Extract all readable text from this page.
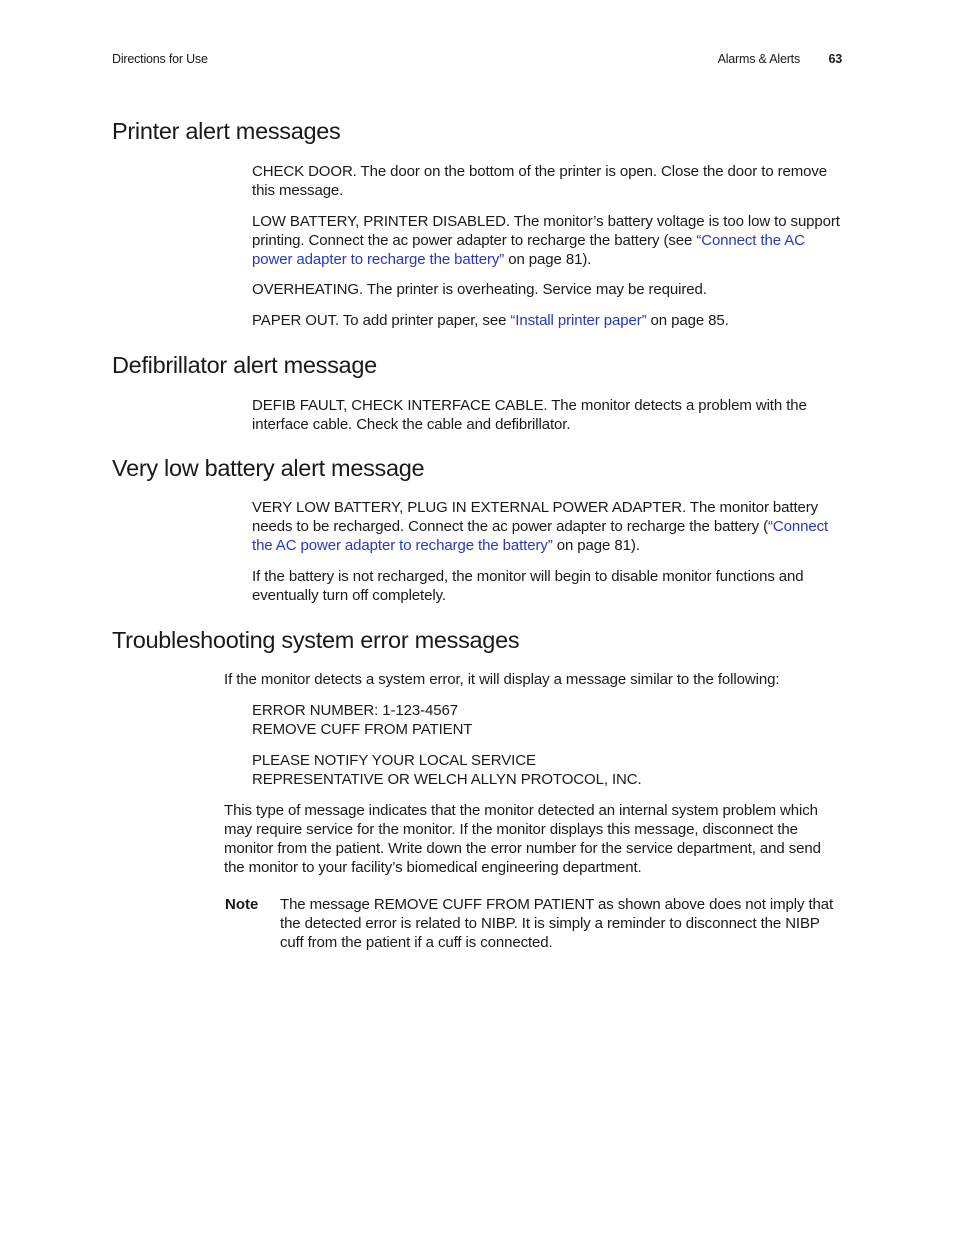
Directions for Use	Alarms & Alerts 63
Printer alert messages

CHECK DOOR. The door on the bottom of the printer is open. Close the door to remove this message.

LOW BATTERY, PRINTER DISABLED. The monitor’s battery voltage is too low to support printing. Connect the ac power adapter to recharge the battery (see “Connect the AC power adapter to recharge the battery” on page 81).

OVERHEATING. The printer is overheating. Service may be required.

PAPER OUT. To add printer paper, see “Install printer paper” on page 85.

Defibrillator alert message

DEFIB FAULT, CHECK INTERFACE CABLE. The monitor detects a problem with the interface cable. Check the cable and defibrillator.

Very low battery alert message

VERY LOW BATTERY, PLUG IN EXTERNAL POWER ADAPTER. The monitor battery needs to be recharged. Connect the ac power adapter to recharge the battery (“Connect the AC power adapter to recharge the battery” on page 81).

If the battery is not recharged, the monitor will begin to disable monitor functions and eventually turn off completely.

Troubleshooting system error messages

If the monitor detects a system error, it will display a message similar to the following:

ERROR NUMBER: 1-123-4567
REMOVE CUFF FROM PATIENT

PLEASE NOTIFY YOUR LOCAL SERVICE
REPRESENTATIVE OR WELCH ALLYN PROTOCOL, INC.

This type of message indicates that the monitor detected an internal system problem which may require service for the monitor. If the monitor displays this message, disconnect the monitor from the patient. Write down the error number for the service department, and send the monitor to your facility’s biomedical engineering department.

Note The message REMOVE CUFF FROM PATIENT as shown above does not imply that the detected error is related to NIBP. It is simply a reminder to disconnect the NIBP cuff from the patient if a cuff is connected.
